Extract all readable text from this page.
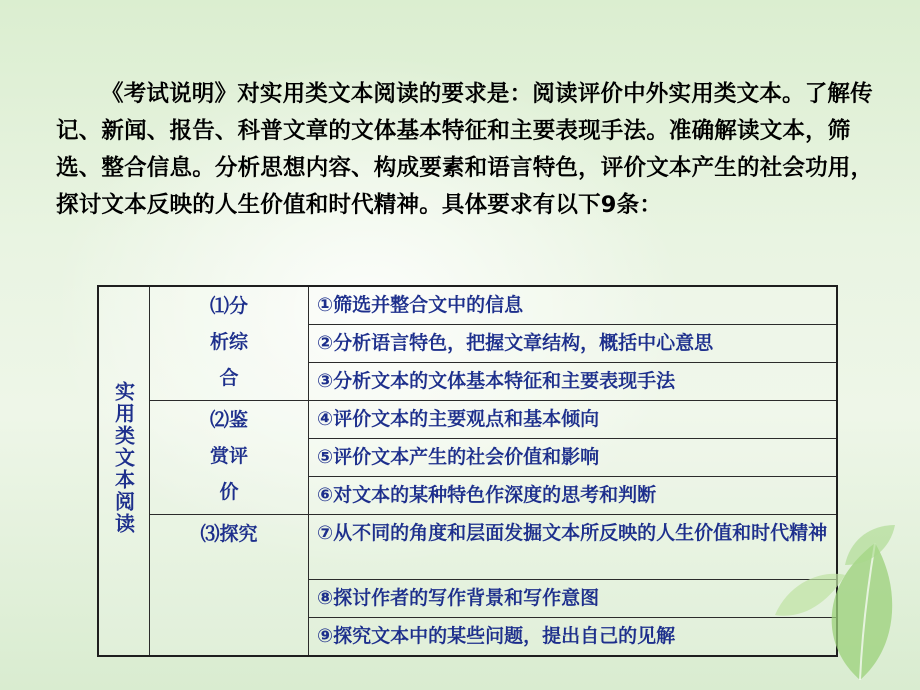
《考试说明》对实用类文本阅读的要求是：阅读评价中外实用类文本。了解传记、新闻、报告、科普文章的文体基本特征和主要表现手法。准确解读文本，筛选、整合信息。分析思想内容、构成要素和语言特色，评价文本产生的社会功用，探讨文本反映的人生价值和时代精神。具体要求有以下9条：

实用类文本阅读	⑴分析综合	①筛选并整合文中的信息
		②分析语言特色，把握文章结构，概括中心意思
		③分析文本的文体基本特征和主要表现手法

	⑵鉴赏评价	④评价文本的主要观点和基本倾向
		⑤评价文本产生的社会价值和影响
		⑥对文本的某种特色作深度的思考和判断

	⑶探究	⑦从不同的角度和层面发掘文本所反映的人生价值和时代精神
		⑧探讨作者的写作背景和写作意图
		⑨探究文本中的某些问题，提出自己的见解
